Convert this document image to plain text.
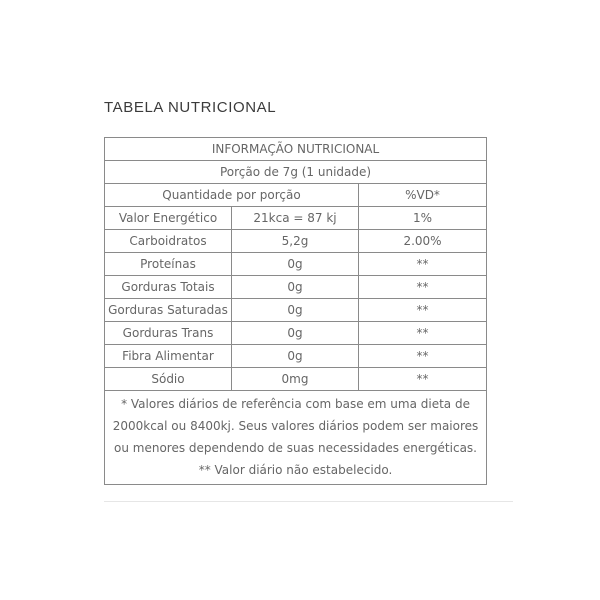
TABELA NUTRICIONAL
INFORMAÇÃO NUTRICIONAL		
Porção de 7g (1 unidade)		
Quantidade por porção		%VD*
Valor Energético	21kca = 87 kj	1%
Carboidratos	5,2g	2.00%
Proteínas	0g	**
Gorduras Totais	0g	**
Gorduras Saturadas	0g	**
Gorduras Trans	0g	**
Fibra Alimentar	0g	**
Sódio	0mg	**

* Valores diários de referência com base em uma dieta de 2000kcal ou 8400kj. Seus valores diários podem ser maiores ou menores dependendo de suas necessidades energéticas.
** Valor diário não estabelecido.		
